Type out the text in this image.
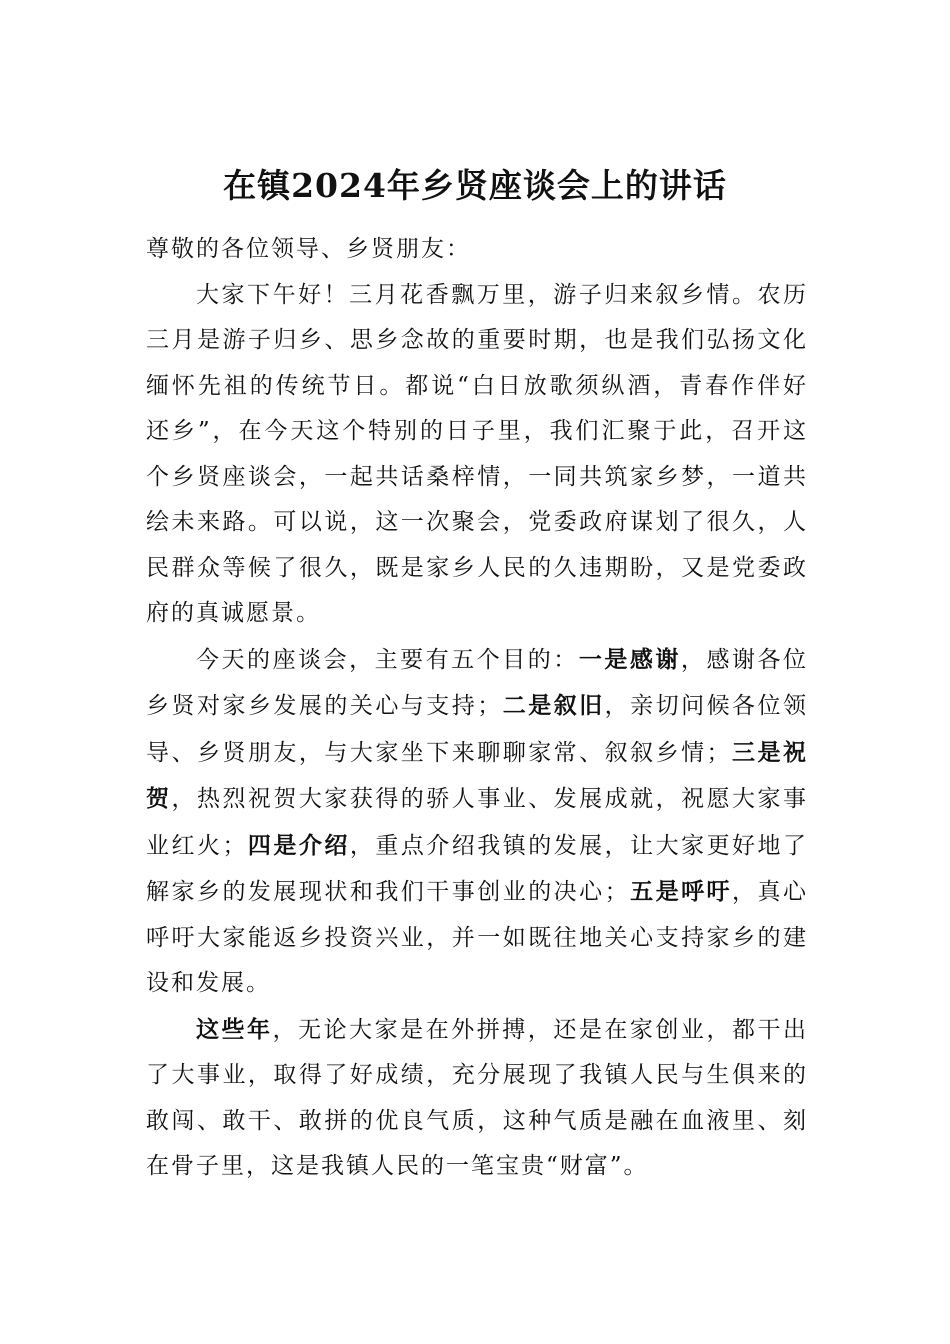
在镇2024年乡贤座谈会上的讲话

尊敬的各位领导、乡贤朋友：

大家下午好！三月花香飘万里，游子归来叙乡情。农历三月是游子归乡、思乡念故的重要时期，也是我们弘扬文化缅怀先祖的传统节日。都说“白日放歌须纵酒，青春作伴好还乡”，在今天这个特别的日子里，我们汇聚于此，召开这个乡贤座谈会，一起共话桑梓情，一同共筑家乡梦，一道共绘未来路。可以说，这一次聚会，党委政府谋划了很久，人民群众等候了很久，既是家乡人民的久违期盼，又是党委政府的真诚愿景。

今天的座谈会，主要有五个目的：一是感谢，感谢各位乡贤对家乡发展的关心与支持；二是叙旧，亲切问候各位领导、乡贤朋友，与大家坐下来聊聊家常、叙叙乡情；三是祝贺，热烈祝贺大家获得的骄人事业、发展成就，祝愿大家事业红火；四是介绍，重点介绍我镇的发展，让大家更好地了解家乡的发展现状和我们干事创业的决心；五是呼吁，真心呼吁大家能返乡投资兴业，并一如既往地关心支持家乡的建设和发展。

这些年，无论大家是在外拼搏，还是在家创业，都干出了大事业，取得了好成绩，充分展现了我镇人民与生俱来的敢闯、敢干、敢拼的优良气质，这种气质是融在血液里、刻在骨子里，这是我镇人民的一笔宝贵“财富”。
